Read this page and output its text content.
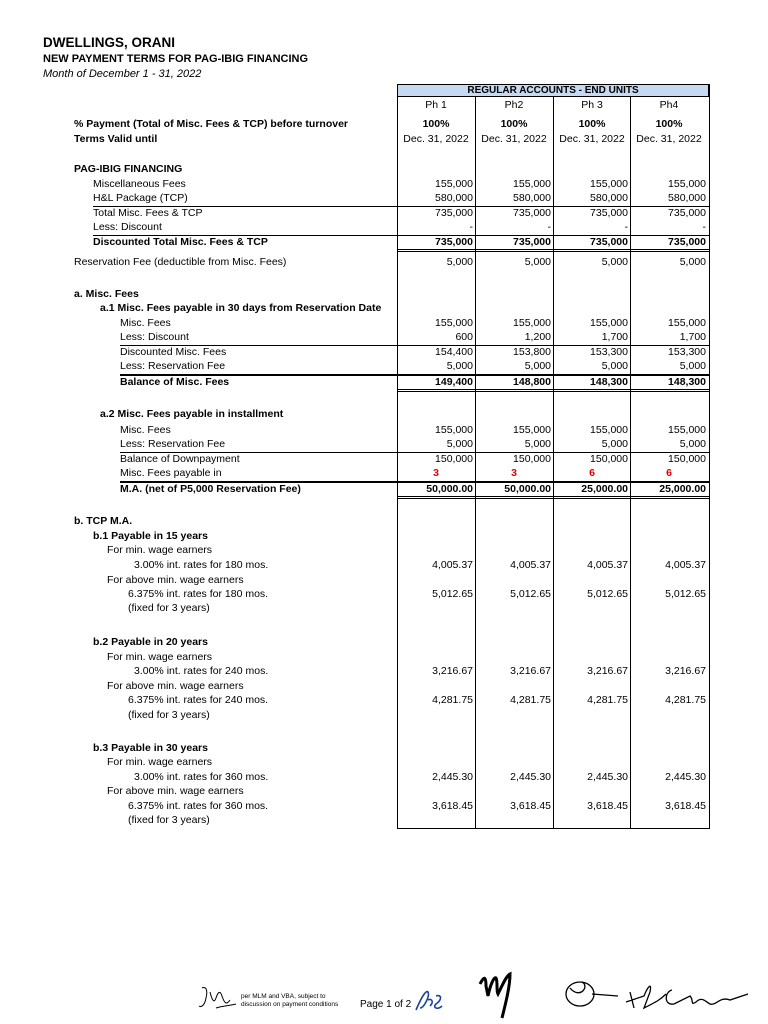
DWELLINGS, ORANI
NEW PAYMENT TERMS FOR PAG-IBIG FINANCING
Month of December 1 - 31, 2022
REGULAR ACCOUNTS - END UNITS
Ph 1	Ph2	Ph 3	Ph4
% Payment (Total of Misc. Fees & TCP) before turnover	100%	100%	100%	100%
Terms Valid until	Dec. 31, 2022	Dec. 31, 2022	Dec. 31, 2022	Dec. 31, 2022
PAG-IBIG FINANCING
Miscellaneous Fees	155,000	155,000	155,000	155,000
H&L Package (TCP)	580,000	580,000	580,000	580,000
Total Misc. Fees & TCP	735,000	735,000	735,000	735,000
Less: Discount	-	-	-	-
Discounted Total Misc. Fees & TCP	735,000	735,000	735,000	735,000
Reservation Fee (deductible from Misc. Fees)	5,000	5,000	5,000	5,000
a. Misc. Fees
a.1 Misc. Fees payable in 30 days from Reservation Date
Misc. Fees	155,000	155,000	155,000	155,000
Less: Discount	600	1,200	1,700	1,700
Discounted Misc. Fees	154,400	153,800	153,300	153,300
Less: Reservation Fee	5,000	5,000	5,000	5,000
Balance of Misc. Fees	149,400	148,800	148,300	148,300
a.2 Misc. Fees payable in installment
Misc. Fees	155,000	155,000	155,000	155,000
Less: Reservation Fee	5,000	5,000	5,000	5,000
Balance of Downpayment	150,000	150,000	150,000	150,000
Misc. Fees payable in	3	3	6	6
M.A. (net of P5,000 Reservation Fee)	50,000.00	50,000.00	25,000.00	25,000.00
b. TCP M.A.
b.1 Payable in 15 years
For min. wage earners
3.00% int. rates for 180 mos.	4,005.37	4,005.37	4,005.37	4,005.37
For above min. wage earners
6.375% int. rates for 180 mos.	5,012.65	5,012.65	5,012.65	5,012.65
(fixed for 3 years)
b.2 Payable in 20 years
For min. wage earners
3.00% int. rates for 240 mos.	3,216.67	3,216.67	3,216.67	3,216.67
For above min. wage earners
6.375% int. rates for 240 mos.	4,281.75	4,281.75	4,281.75	4,281.75
(fixed for 3 years)
b.3 Payable in 30 years
For min. wage earners
3.00% int. rates for 360 mos.	2,445.30	2,445.30	2,445.30	2,445.30
For above min. wage earners
6.375% int. rates for 360 mos.	3,618.45	3,618.45	3,618.45	3,618.45
(fixed for 3 years)
per MLM and VBA, subject to discussion on payment conditions	Page 1 of 2
